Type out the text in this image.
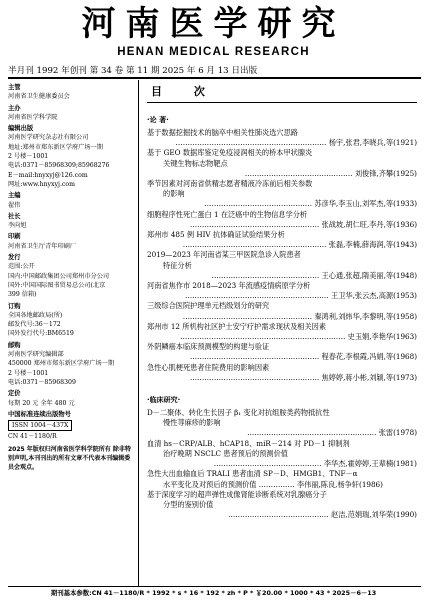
河南医学研究
HENAN MEDICAL RESEARCH
半月刊 1992 年创刊 第 34 卷 第 11 期 2025 年 6 月 13 日出版
主管
河南省卫生健康委员会
主办
河南省医学科学院
编辑出版
河南医学研究杂志社有限公司
地址:郑州市郑东新区学府广场一期
2 号楼－1001
电话:0371－85968309;85968276
E－mail:hnyxyj@126.com
网址:www.hnyxyj.com
主编
翟伟
社长
李向旭
印刷
河南省卫生厅青年印刷厂
发行
范围:公开
国内:中国邮政集团公司郑州市分公司
国外:中国国际图书贸易总公司(北京
399 信箱)
订购
全国各地邮政局(所)
邮发代号:36－172
国外发行代号:BM6519
邮购
河南医学研究编辑部
450000 郑州市郑东新区学府广场一期
2 号楼－1001
电话:0371－85968309
定价
每期 20 元 全年 480 元
中国标准连续出版物号
ISSN 1004－437X
CN 41－1180/R
2025 年版权归河南省医学科学院所有 除非特别声明,本刊刊出的所有文章不代表本刊编辑委员会观点。
目 次
·论 著·
基于数据挖掘技术的脑卒中相关性肺炎选穴思路
……………………………………………………… 杨宇,张君,李晓兵,等(1921)
基于 GEO 数据库鉴定免疫浸润相关的桥本甲状腺炎
关键生物标志物靶点
……………………………………… 刘俊锋,齐攀(1925)
季节因素对河南省供精志愿者精液冷冻前后相关参数
的影响
……………………………………… 苏彦华,李玉山,刘军杰,等(1933)
细胞程序性死亡蛋白 1 在泛癌中的生物信息学分析
……………………………………………… 张战坡,胡仁旺,李丹,等(1936)
郑州市 485 例 HIV 抗体确证试验结果分析
…………………………………………………… 张磊,李楠,薛海润,等(1943)
2019—2023 年河南省某三甲医院急诊入院患者
特征分析
……………………………………… 王心通,张超,隋美丽,等(1948)
河南省焦作市 2018—2023 年流感疫情病原学分析
…………………………………………………… 王卫华,张云杰,高源(1953)
三级综合医院护理单元档级划分的研究
……………………………………………… 秦鸿利,刘炜华,李黎明,等(1958)
郑州市 12 所机构社区护士安宁疗护需求现状及相关因素
…………………………………………………………… 史玉娟,李艳华(1963)
外阴鳞癌本临床预测模型的构建与验证
……………………………………………… 程春花,李根霞,冯娟,等(1968)
急性心肌梗死患者住院费用的影响因素
……………………………………………… 焦婷婷,蒋小彬,刘颖,等(1973)
·临床研究·
D－二聚体、转化生长因子 β₁ 变化对抗组胺类药物抵抗性
慢性荨麻疹的影响
……………………………………………… 张雷(1978)
血清 hs－CRP/ALB、hCAP18、miR－214 对 PD－1 抑制剂
治疗晚期 NSCLC 患者预后的预测价值
……………………………………… 李华杰,霍婷婷,王辈楠(1981)
急性大出血输血后 TRALI 患者血清 SP－D、HMGB1、TNF－α
水平变化及对预后的预测价值 …………… 李伟丽,陈良,杨争轩(1986)
基于深度学习的超声弹性成像肾能诊断系统对乳腺癌分子
分型的鉴别价值
…………………………………… 赵洁,范娟瑞,刘华荣(1990)
期刊基本参数:CN 41－1180/R * 1992 * s * 16 * 192 * zh * P * ￥20.00 * 1000 * 43 * 2025－6－13
